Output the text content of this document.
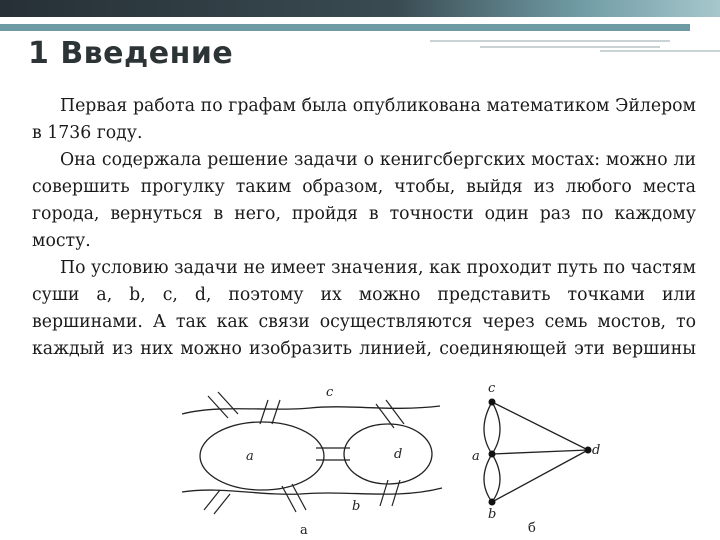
1 Введение

Первая работа по графам была опубликована математиком Эйлером в 1736 году.

Она содержала решение задачи о кенигсбергских мостах: можно ли совершить прогулку таким образом, чтобы, выйдя из любого места города, вернуться в него, пройдя в точности один раз по каждому мосту.

По условию задачи не имеет значения, как проходит путь по частям суши a, b, c, d, поэтому их можно представить точками или вершинами. А так как связи осуществляются через семь мостов, то каждый из них можно изобразить линией, соединяющей эти вершины

c
a	d
b
а
c
a
b
d
б
